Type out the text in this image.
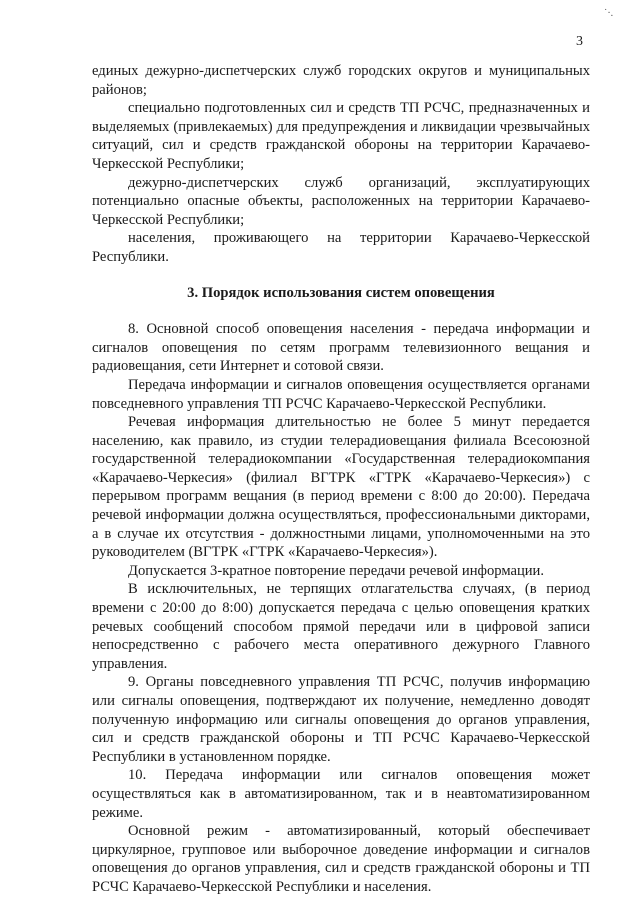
˙·.
3

единых дежурно-диспетчерских служб городских округов и муниципальных районов;

специально подготовленных сил и средств ТП РСЧС, предназначенных и выделяемых (привлекаемых) для предупреждения и ликвидации чрезвычайных ситуаций, сил и средств гражданской обороны на территории Карачаево-Черкесской Республики;

дежурно-диспетчерских служб организаций, эксплуатирующих потенциально опасные объекты, расположенных на территории Карачаево-Черкесской Республики;

населения, проживающего на территории Карачаево-Черкесской Республики.

3. Порядок использования систем оповещения

8. Основной способ оповещения населения - передача информации и сигналов оповещения по сетям программ телевизионного вещания и радиовещания, сети Интернет и сотовой связи.

Передача информации и сигналов оповещения осуществляется органами повседневного управления ТП РСЧС Карачаево-Черкесской Республики.

Речевая информация длительностью не более 5 минут передается населению, как правило, из студии телерадиовещания филиала Всесоюзной государственной телерадиокомпании «Государственная телерадиокомпания «Карачаево-Черкесия» (филиал ВГТРК «ГТРК «Карачаево-Черкесия») с перерывом программ вещания (в период времени с 8:00 до 20:00). Передача речевой информации должна осуществляться, профессиональными дикторами, а в случае их отсутствия - должностными лицами, уполномоченными на это руководителем (ВГТРК «ГТРК «Карачаево-Черкесия»).

Допускается 3-кратное повторение передачи речевой информации.

В исключительных, не терпящих отлагательства случаях, (в период времени с 20:00 до 8:00) допускается передача с целью оповещения кратких речевых сообщений способом прямой передачи или в цифровой записи непосредственно с рабочего места оперативного дежурного Главного управления.

9. Органы повседневного управления ТП РСЧС, получив информацию или сигналы оповещения, подтверждают их получение, немедленно доводят полученную информацию или сигналы оповещения до органов управления, сил и средств гражданской обороны и ТП РСЧС Карачаево-Черкесской Республики в установленном порядке.

10. Передача информации или сигналов оповещения может осуществляться как в автоматизированном, так и в неавтоматизированном режиме.

Основной режим - автоматизированный, который обеспечивает циркулярное, групповое или выборочное доведение информации и сигналов оповещения до органов управления, сил и средств гражданской обороны и ТП РСЧС Карачаево-Черкесской Республики и населения.
